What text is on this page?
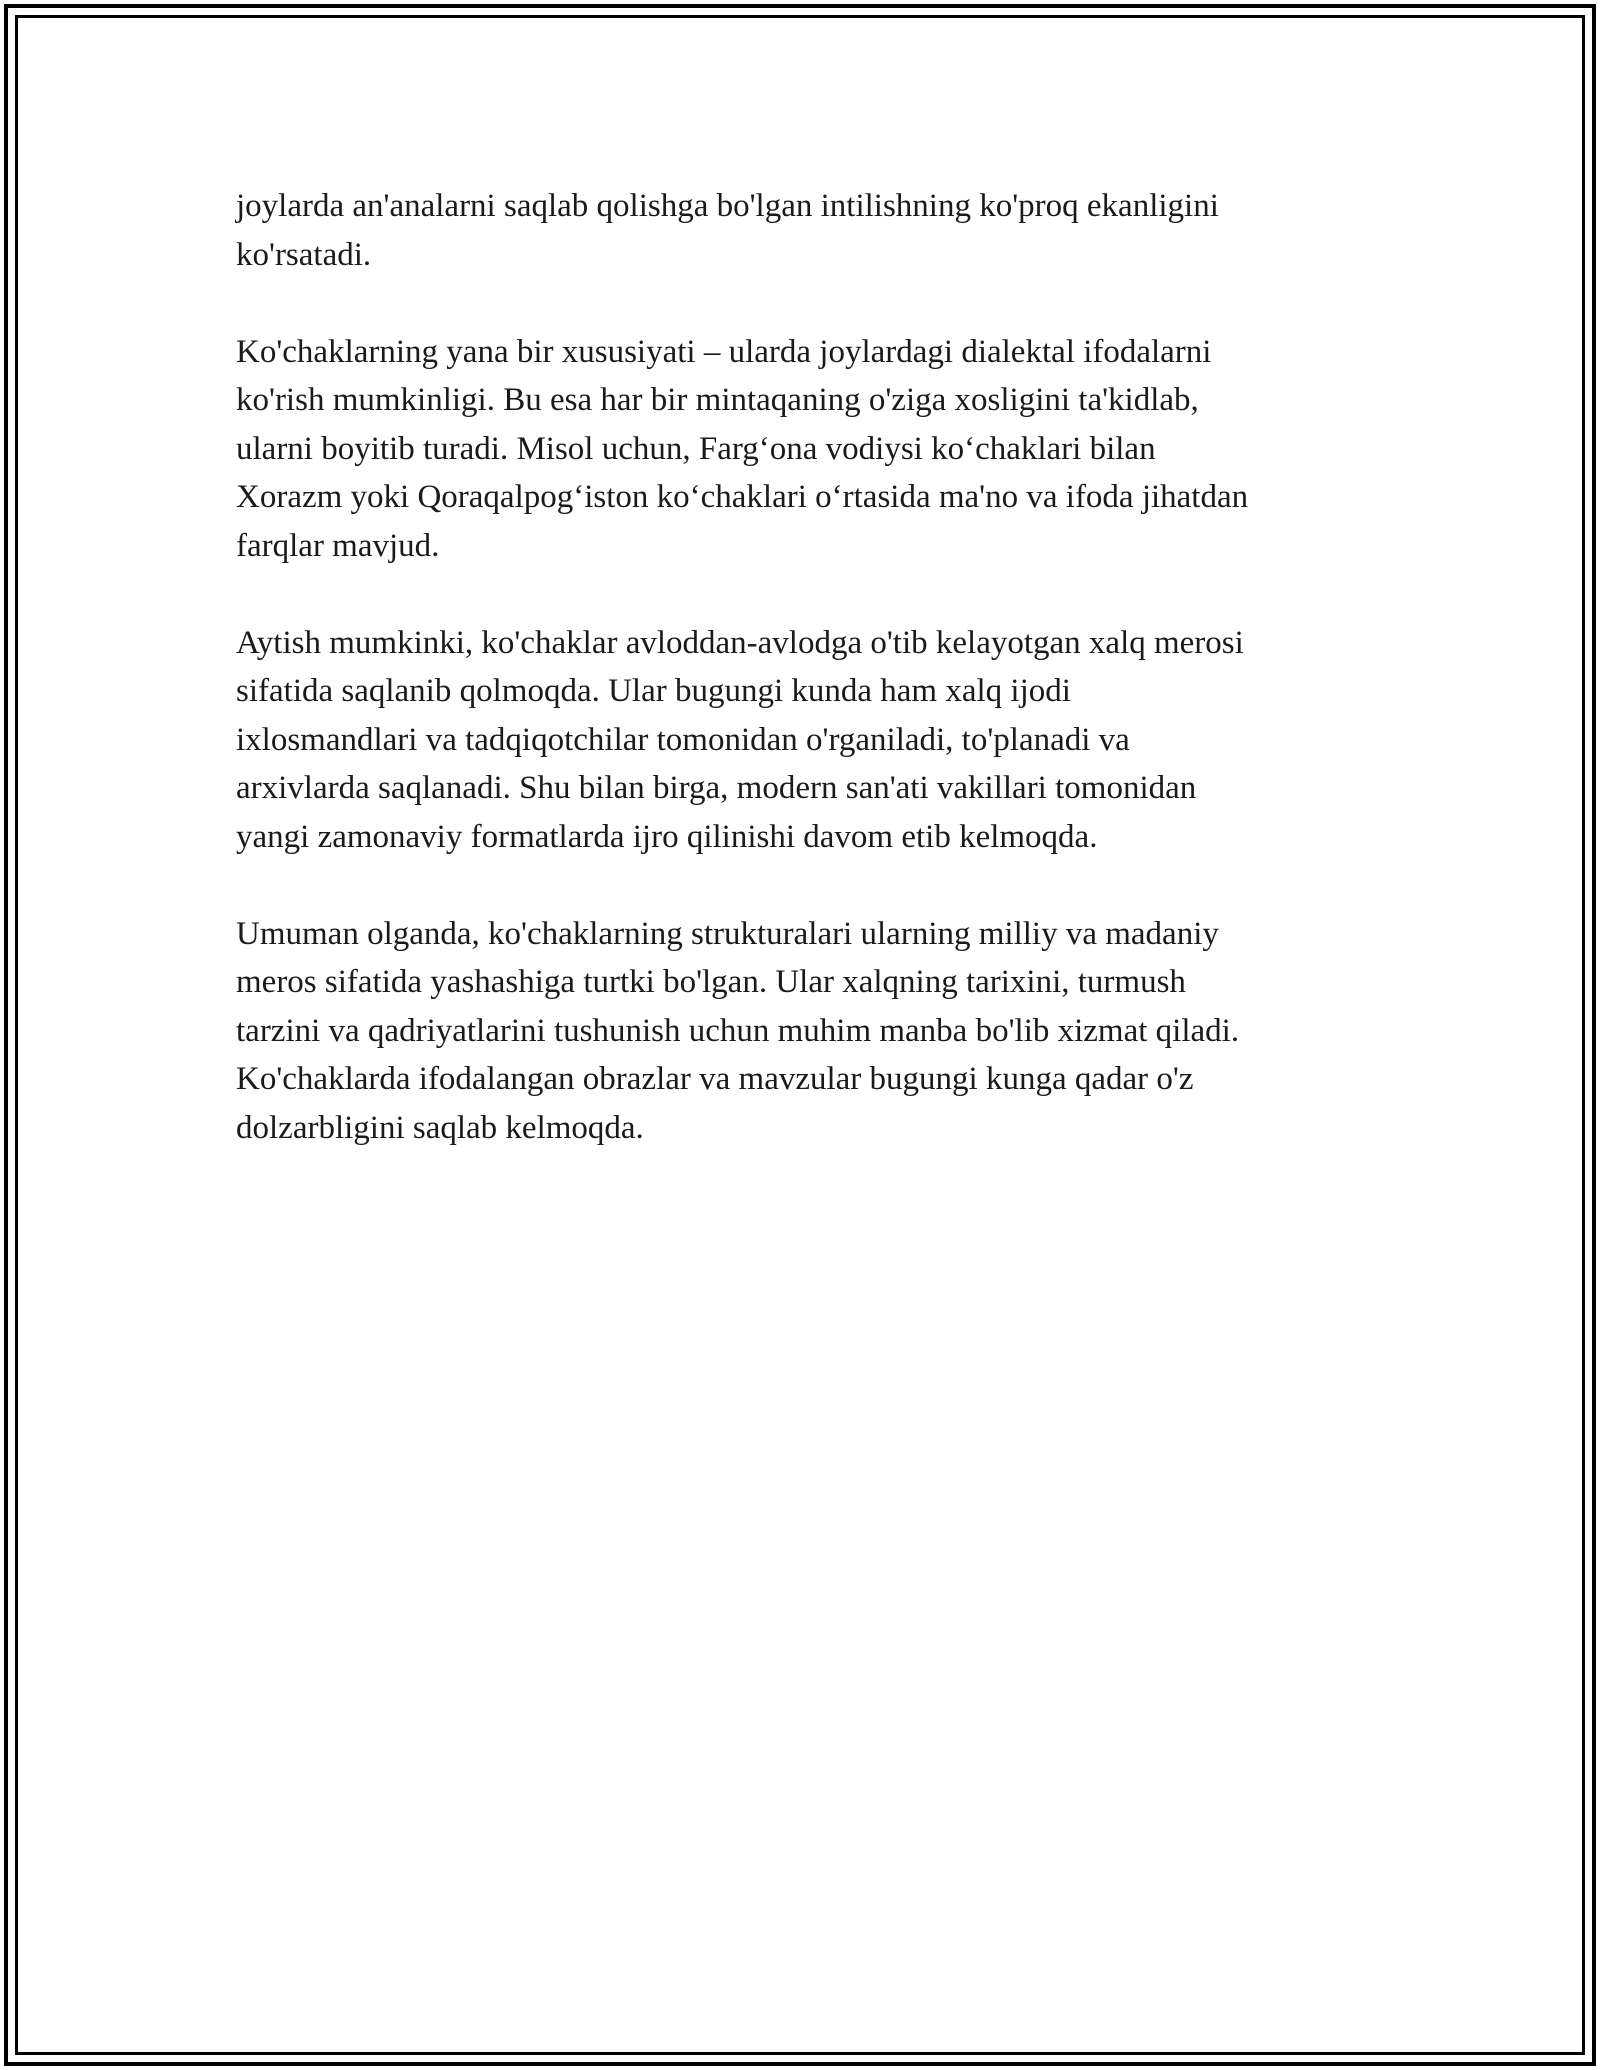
joylarda an'analarni saqlab qolishga bo'lgan intilishning ko'proq ekanligini
ko'rsatadi.

Ko'chaklarning yana bir xususiyati – ularda joylardagi dialektal ifodalarni
ko'rish mumkinligi. Bu esa har bir mintaqaning o'ziga xosligini ta'kidlab,
ularni boyitib turadi. Misol uchun, Farg‘ona vodiysi ko‘chaklari bilan
Xorazm yoki Qoraqalpog‘iston ko‘chaklari o‘rtasida ma'no va ifoda jihatdan
farqlar mavjud.

Aytish mumkinki, ko'chaklar avloddan-avlodga o'tib kelayotgan xalq merosi
sifatida saqlanib qolmoqda. Ular bugungi kunda ham xalq ijodi
ixlosmandlari va tadqiqotchilar tomonidan o'rganiladi, to'planadi va
arxivlarda saqlanadi. Shu bilan birga, modern san'ati vakillari tomonidan
yangi zamonaviy formatlarda ijro qilinishi davom etib kelmoqda.

Umuman olganda, ko'chaklarning strukturalari ularning milliy va madaniy
meros sifatida yashashiga turtki bo'lgan. Ular xalqning tarixini, turmush
tarzini va qadriyatlarini tushunish uchun muhim manba bo'lib xizmat qiladi.
Ko'chaklarda ifodalangan obrazlar va mavzular bugungi kunga qadar o'z
dolzarbligini saqlab kelmoqda.
